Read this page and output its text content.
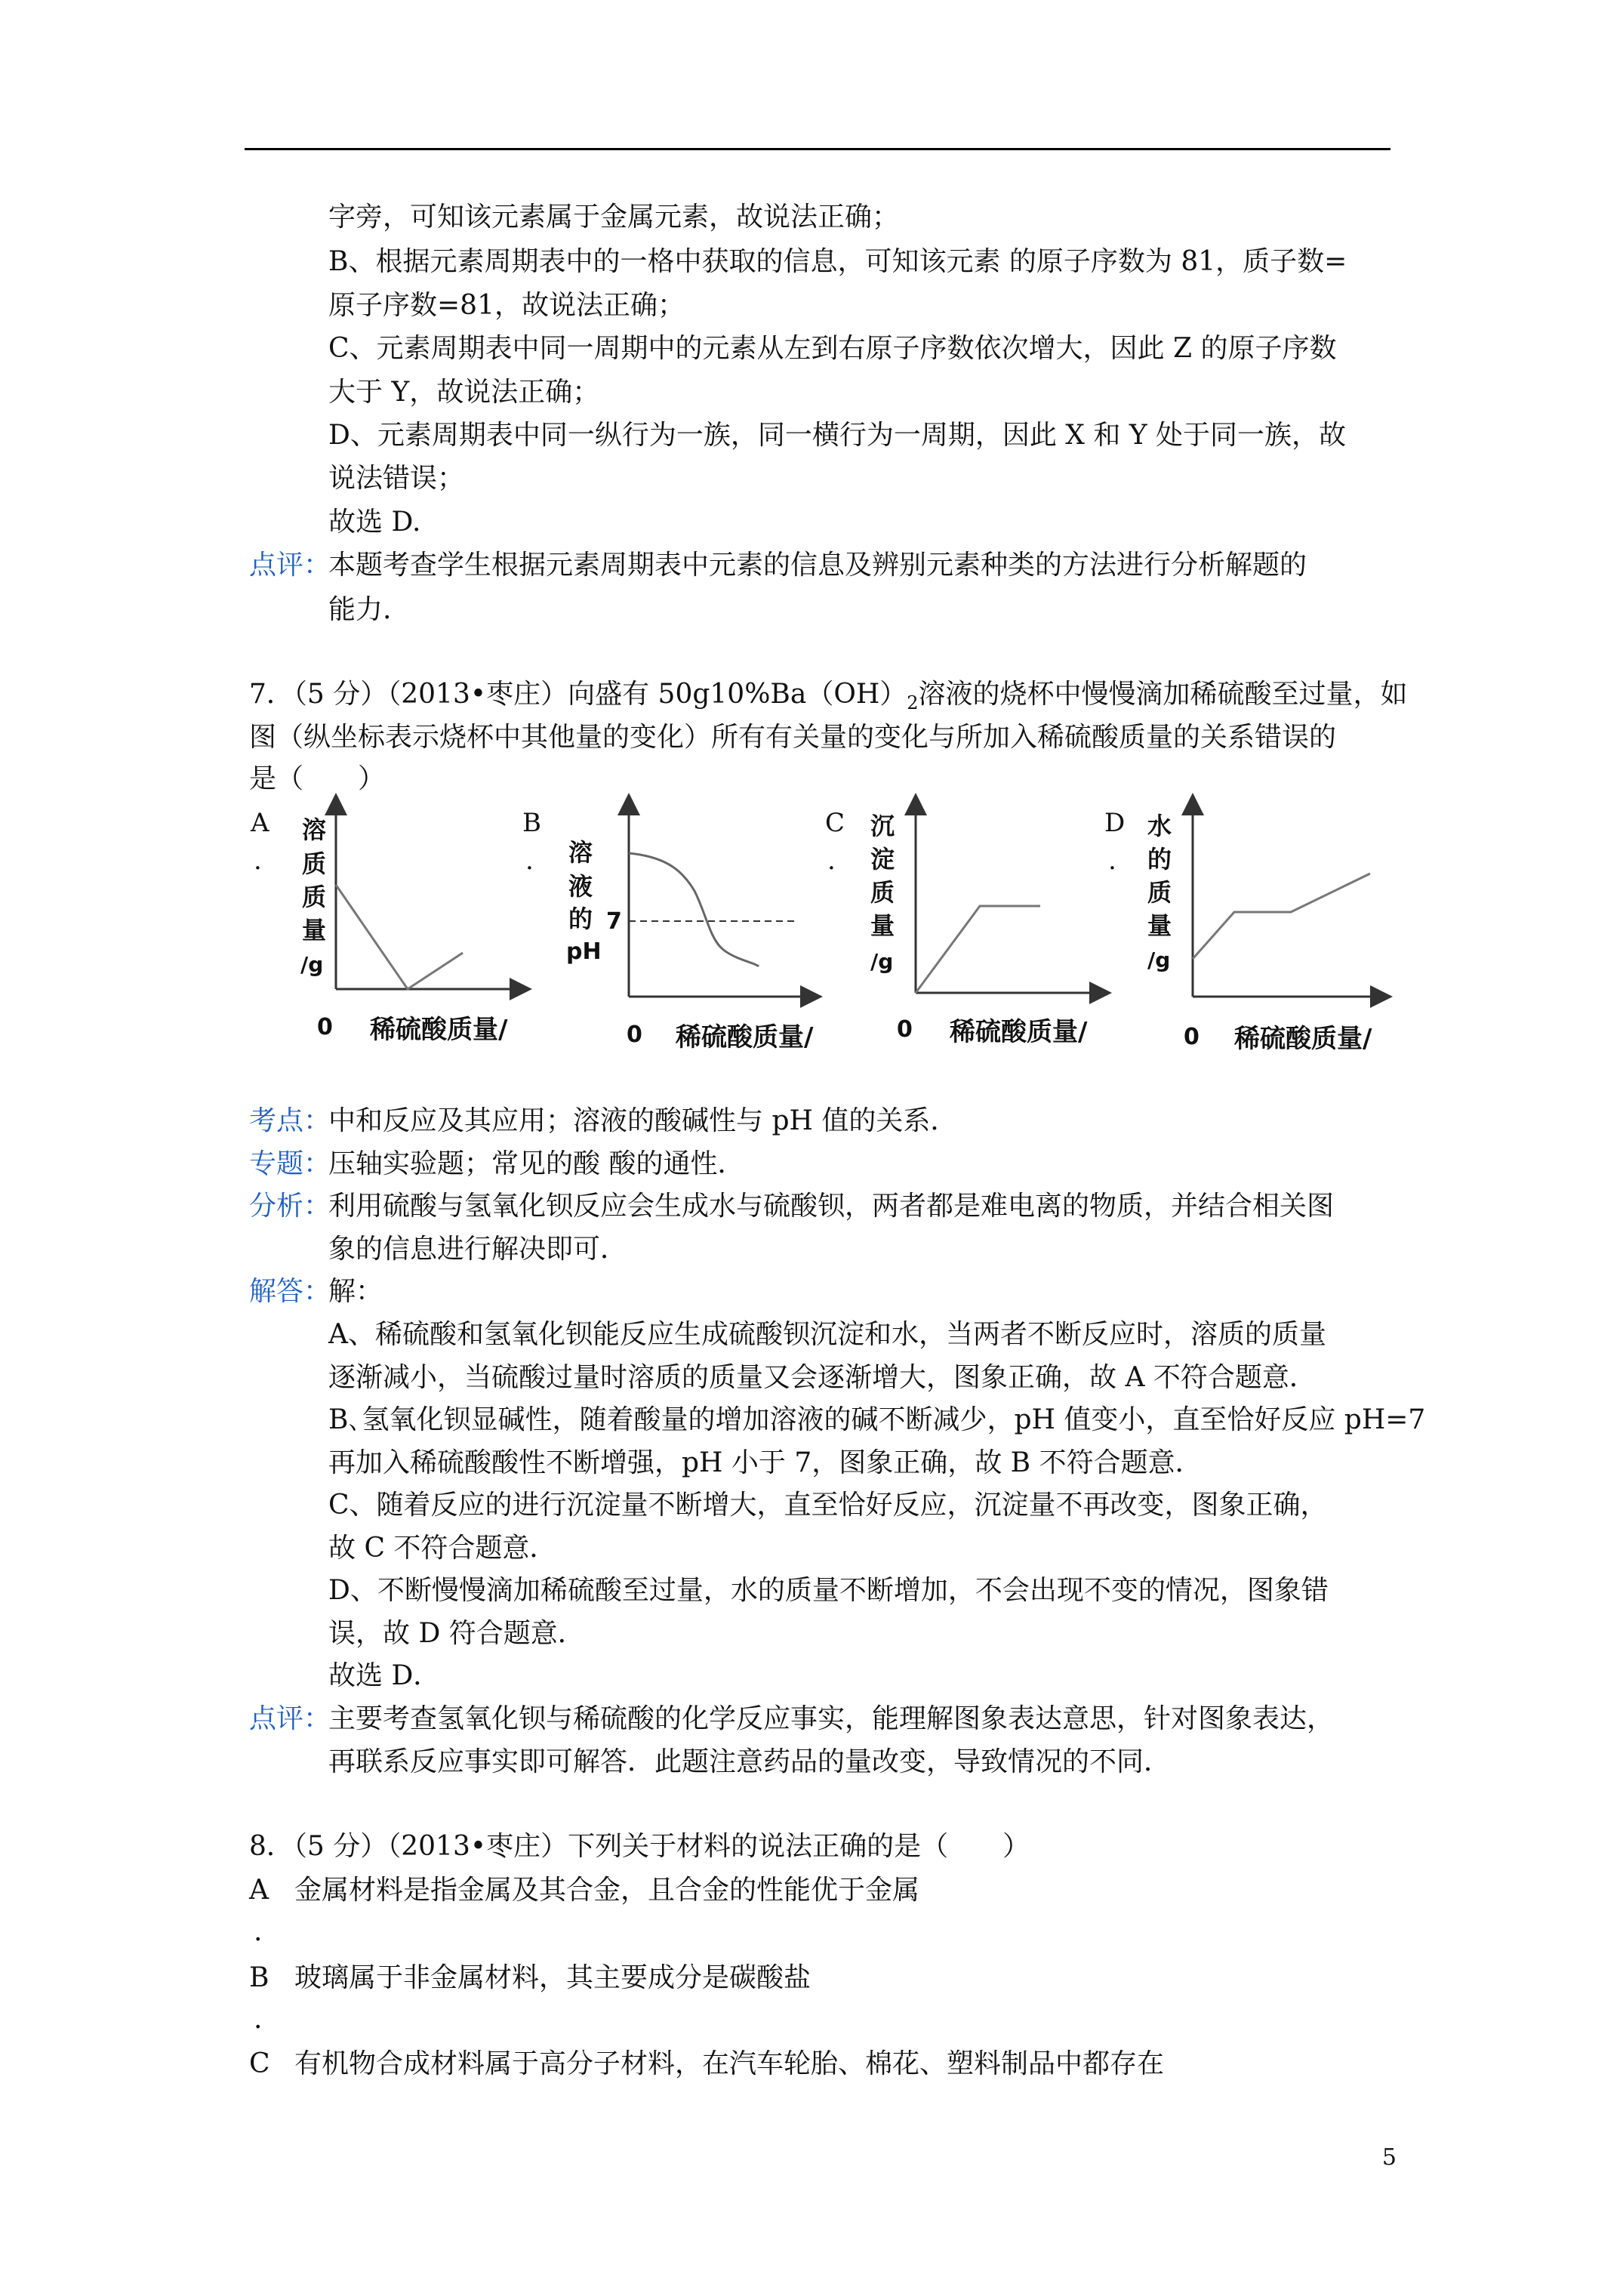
字旁，可知该元素属于金属元素，故说法正确；
B、根据元素周期表中的一格中获取的信息，可知该元素 的原子序数为 81，质子数=
原子序数=81，故说法正确；
C、元素周期表中同一周期中的元素从左到右原子序数依次增大，因此 Z 的原子序数
大于 Y，故说法正确；
D、元素周期表中同一纵行为一族，同一横行为一周期，因此 X 和 Y 处于同一族，故
说法错误；
故选 D.
点评：
本题考查学生根据元素周期表中元素的信息及辨别元素种类的方法进行分析解题的
能力.
7．（5 分）（2013•枣庄）向盛有 $50g10\%Ba(OH)_2$溶液的烧杯中慢慢滴加稀硫酸至过量，如
图（纵坐标表示烧杯中其他量的变化）所有有关量的变化与所加入稀硫酸质量的关系错误的
是（　　）
A
.
溶
质
质
量
/g
0 稀硫酸质量/
B
. 溶
液
的
pH
7
0 稀硫酸质量/
C
.
沉
淀
质
量
/g
0 稀硫酸质量/
D
.
水
的
质
量
/g
0 稀硫酸质量/
考点：
中和反应及其应用；溶液的酸碱性与 pH 值的关系．
专题：
压轴实验题；常见的酸 酸的通性．
分析：
利用硫酸与氢氧化钡反应会生成水与硫酸钡，两者都是难电离的物质，并结合相关图
象的信息进行解决即可．
解答：
解：
A、稀硫酸和氢氧化钡能反应生成硫酸钡沉淀和水，当两者不断反应时，溶质的质量
逐渐减小，当硫酸过量时溶质的质量又会逐渐增大，图象正确，故 A 不符合题意．
B､氢氧化钡显碱性，随着酸量的增加溶液的碱不断减少，pH 值变小，直至恰好反应 pH=7
再加入稀硫酸酸性不断增强，pH 小于 7，图象正确，故 B 不符合题意．
C、随着反应的进行沉淀量不断增大，直至恰好反应，沉淀量不再改变，图象正确，
故 C 不符合题意．
D、不断慢慢滴加稀硫酸至过量，水的质量不断增加，不会出现不变的情况，图象错
误，故 D 符合题意．
故选 D．
点评：
主要考查氢氧化钡与稀硫酸的化学反应事实，能理解图象表达意思，针对图象表达，
再联系反应事实即可解答．此题注意药品的量改变，导致情况的不同．
8．（5 分）（2013•枣庄）下列关于材料的说法正确的是（　　）
A 金属材料是指金属及其合金，且合金的性能优于金属
.
B 玻璃属于非金属材料，其主要成分是碳酸盐
.
C 有机物合成材料属于高分子材料，在汽车轮胎、棉花、塑料制品中都存在
5
